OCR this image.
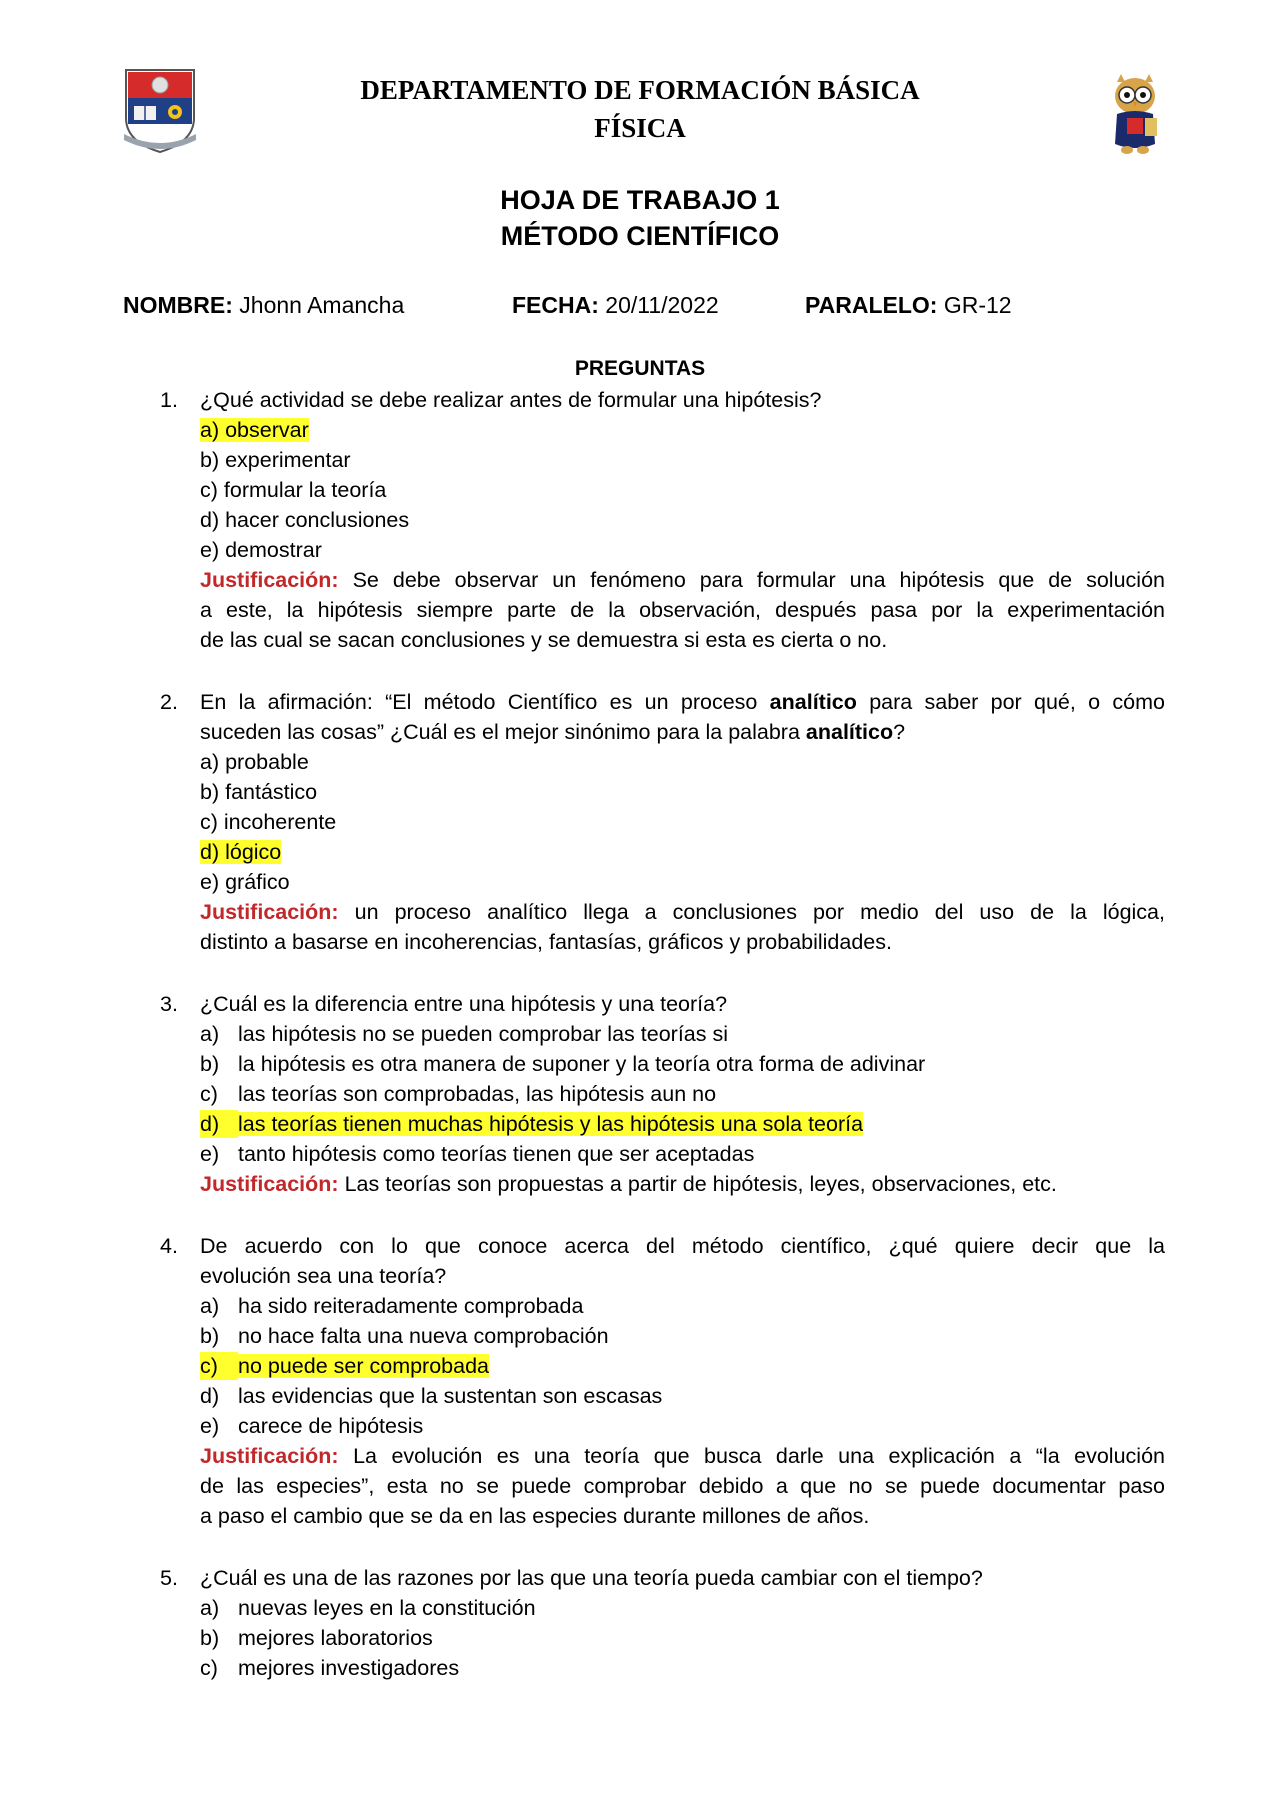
DEPARTAMENTO DE FORMACIÓN BÁSICA
FÍSICA
HOJA DE TRABAJO 1
MÉTODO CIENTÍFICO
NOMBRE: Jhonn Amancha	FECHA: 20/11/2022	PARALELO: GR-12
PREGUNTAS
1. ¿Qué actividad se debe realizar antes de formular una hipótesis?
a) observar
b) experimentar
c) formular la teoría
d) hacer conclusiones
e) demostrar
Justificación: Se debe observar un fenómeno para formular una hipótesis que de solución
a este, la hipótesis siempre parte de la observación, después pasa por la experimentación
de las cual se sacan conclusiones y se demuestra si esta es cierta o no.
2. En la afirmación: “El método Científico es un proceso analítico para saber por qué, o cómo
suceden las cosas” ¿Cuál es el mejor sinónimo para la palabra analítico?
a) probable
b) fantástico
c) incoherente
d) lógico
e) gráfico
Justificación: un proceso analítico llega a conclusiones por medio del uso de la lógica,
distinto a basarse en incoherencias, fantasías, gráficos y probabilidades.
3. ¿Cuál es la diferencia entre una hipótesis y una teoría?
a) las hipótesis no se pueden comprobar las teorías si
b) la hipótesis es otra manera de suponer y la teoría otra forma de adivinar
c) las teorías son comprobadas, las hipótesis aun no
d) las teorías tienen muchas hipótesis y las hipótesis una sola teoría
e) tanto hipótesis como teorías tienen que ser aceptadas
Justificación: Las teorías son propuestas a partir de hipótesis, leyes, observaciones, etc.
4. De acuerdo con lo que conoce acerca del método científico, ¿qué quiere decir que la
evolución sea una teoría?
a) ha sido reiteradamente comprobada
b) no hace falta una nueva comprobación
c) no puede ser comprobada
d) las evidencias que la sustentan son escasas
e) carece de hipótesis
Justificación: La evolución es una teoría que busca darle una explicación a “la evolución
de las especies”, esta no se puede comprobar debido a que no se puede documentar paso
a paso el cambio que se da en las especies durante millones de años.
5. ¿Cuál es una de las razones por las que una teoría pueda cambiar con el tiempo?
a) nuevas leyes en la constitución
b) mejores laboratorios
c) mejores investigadores
